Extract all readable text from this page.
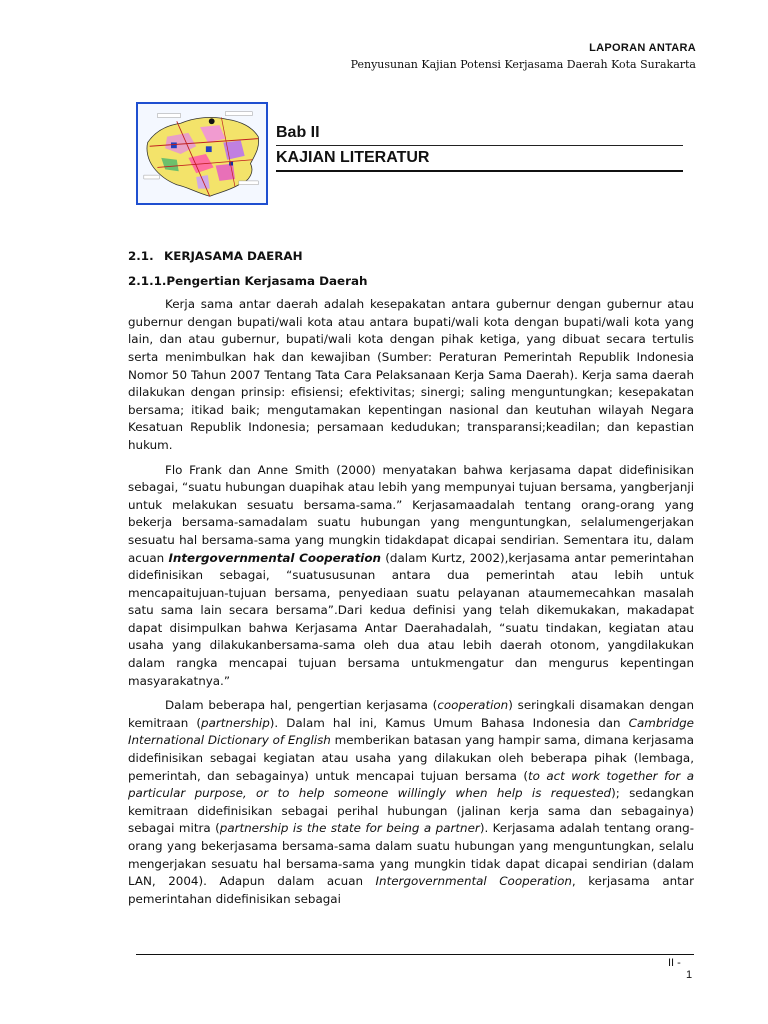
LAPORAN ANTARA
Penyusunan Kajian Potensi Kerjasama Daerah Kota Surakarta
Bab II
KAJIAN LITERATUR
2.1. KERJASAMA DAERAH
2.1.1.Pengertian Kerjasama Daerah

Kerja sama antar daerah adalah kesepakatan antara gubernur dengan gubernur atau gubernur dengan bupati/wali kota atau antara bupati/wali kota dengan bupati/wali kota yang lain, dan atau gubernur, bupati/wali kota dengan pihak ketiga, yang dibuat secara tertulis serta menimbulkan hak dan kewajiban (Sumber: Peraturan Pemerintah Republik Indonesia Nomor 50 Tahun 2007 Tentang Tata Cara Pelaksanaan Kerja Sama Daerah). Kerja sama daerah dilakukan dengan prinsip: efisiensi; efektivitas; sinergi; saling menguntungkan; kesepakatan bersama; itikad baik; mengutamakan kepentingan nasional dan keutuhan wilayah Negara Kesatuan Republik Indonesia; persamaan kedudukan; transparansi;keadilan; dan kepastian hukum.

Flo Frank dan Anne Smith (2000) menyatakan bahwa kerjasama dapat didefinisikan sebagai, “suatu hubungan duapihak atau lebih yang mempunyai tujuan bersama, yangberjanji untuk melakukan sesuatu bersama-sama.” Kerjasamaadalah tentang orang-orang yang bekerja bersama-samadalam suatu hubungan yang menguntungkan, selalumengerjakan sesuatu hal bersama-sama yang mungkin tidakdapat dicapai sendirian. Sementara itu, dalam acuan Intergovernmental Cooperation (dalam Kurtz, 2002),kerjasama antar pemerintahan didefinisikan sebagai, “suatususunan antara dua pemerintah atau lebih untuk mencapaitujuan-tujuan bersama, penyediaan suatu pelayanan ataumemecahkan masalah satu sama lain secara bersama”.Dari kedua definisi yang telah dikemukakan, makadapat dapat disimpulkan bahwa Kerjasama Antar Daerahadalah, “suatu tindakan, kegiatan atau usaha yang dilakukanbersama-sama oleh dua atau lebih daerah otonom, yangdilakukan dalam rangka mencapai tujuan bersama untukmengatur dan mengurus kepentingan masyarakatnya.”

Dalam beberapa hal, pengertian kerjasama (cooperation) seringkali disamakan dengan kemitraan (partnership). Dalam hal ini, Kamus Umum Bahasa Indonesia dan Cambridge International Dictionary of English memberikan batasan yang hampir sama, dimana kerjasama didefinisikan sebagai kegiatan atau usaha yang dilakukan oleh beberapa pihak (lembaga, pemerintah, dan sebagainya) untuk mencapai tujuan bersama (to act work together for a particular purpose, or to help someone willingly when help is requested); sedangkan kemitraan didefinisikan sebagai perihal hubungan (jalinan kerja sama dan sebagainya) sebagai mitra (partnership is the state for being a partner). Kerjasama adalah tentang orang-orang yang bekerjasama bersama-sama dalam suatu hubungan yang menguntungkan, selalu mengerjakan sesuatu hal bersama-sama yang mungkin tidak dapat dicapai sendirian (dalam LAN, 2004). Adapun dalam acuan Intergovernmental Cooperation, kerjasama antar pemerintahan didefinisikan sebagai

II -
1
